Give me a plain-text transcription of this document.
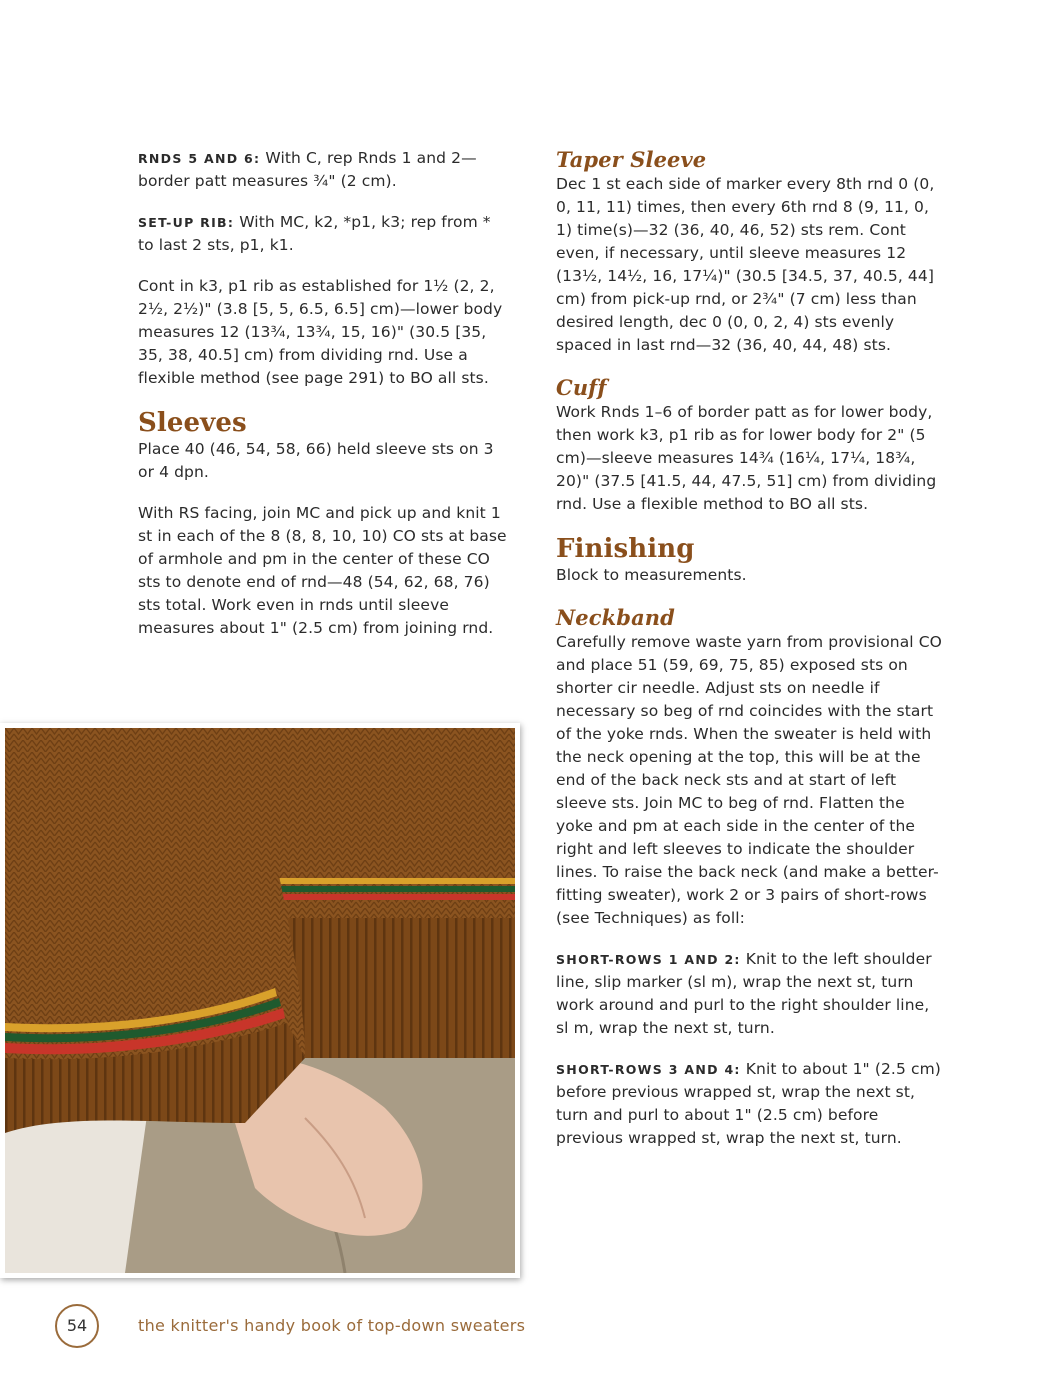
RNDS 5 AND 6: With C, rep Rnds 1 and 2—border patt measures ¾" (2 cm).

SET-UP RIB: With MC, k2, *p1, k3; rep from * to last 2 sts, p1, k1.

Cont in k3, p1 rib as established for 1½ (2, 2, 2½, 2½)" (3.8 [5, 5, 6.5, 6.5] cm)—lower body measures 12 (13¾, 13¾, 15, 16)" (30.5 [35, 35, 38, 40.5] cm) from dividing rnd. Use a flexible method (see page 291) to BO all sts.

Sleeves

Place 40 (46, 54, 58, 66) held sleeve sts on 3 or 4 dpn.

With RS facing, join MC and pick up and knit 1 st in each of the 8 (8, 8, 10, 10) CO sts at base of armhole and pm in the center of these CO sts to denote end of rnd—48 (54, 62, 68, 76) sts total. Work even in rnds until sleeve measures about 1" (2.5 cm) from joining rnd.

Taper Sleeve

Dec 1 st each side of marker every 8th rnd 0 (0, 0, 11, 11) times, then every 6th rnd 8 (9, 11, 0, 1) time(s)—32 (36, 40, 46, 52) sts rem. Cont even, if necessary, until sleeve measures 12 (13½, 14½, 16, 17¼)" (30.5 [34.5, 37, 40.5, 44] cm) from pick-up rnd, or 2¾" (7 cm) less than desired length, dec 0 (0, 0, 2, 4) sts evenly spaced in last rnd—32 (36, 40, 44, 48) sts.

Cuff

Work Rnds 1–6 of border patt as for lower body, then work k3, p1 rib as for lower body for 2" (5 cm)—sleeve measures 14¾ (16¼, 17¼, 18¾, 20)" (37.5 [41.5, 44, 47.5, 51] cm) from dividing rnd. Use a flexible method to BO all sts.

Finishing

Block to measurements.

Neckband

Carefully remove waste yarn from provisional CO and place 51 (59, 69, 75, 85) exposed sts on shorter cir needle. Adjust sts on needle if necessary so beg of rnd coincides with the start of the yoke rnds. When the sweater is held with the neck opening at the top, this will be at the end of the back neck sts and at start of left sleeve sts. Join MC to beg of rnd. Flatten the yoke and pm at each side in the center of the right and left sleeves to indicate the shoulder lines. To raise the back neck (and make a better-fitting sweater), work 2 or 3 pairs of short-rows (see Techniques) as foll:

SHORT-ROWS 1 AND 2: Knit to the left shoulder line, slip marker (sl m), wrap the next st, turn work around and purl to the right shoulder line, sl m, wrap the next st, turn.

SHORT-ROWS 3 AND 4: Knit to about 1" (2.5 cm) before previous wrapped st, wrap the next st, turn and purl to about 1" (2.5 cm) before previous wrapped st, wrap the next st, turn.

54	the knitter's handy book of top-down sweaters
